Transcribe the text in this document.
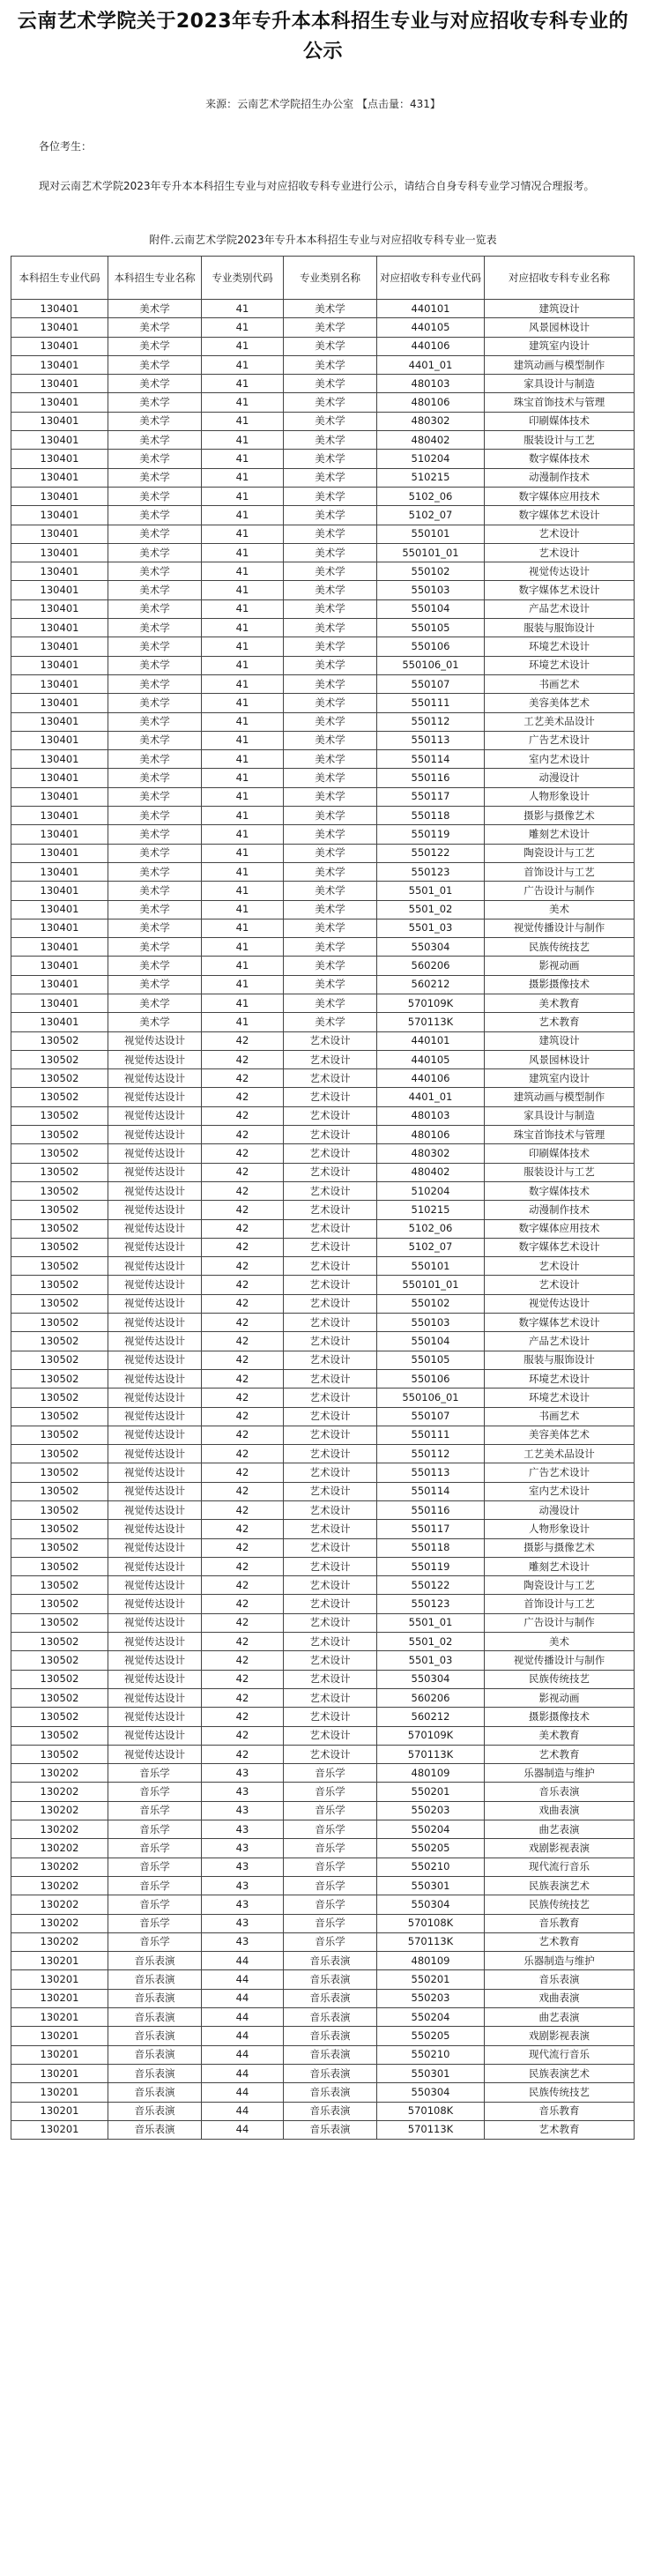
云南艺术学院关于2023年专升本本科招生专业与对应招收专科专业的公示
来源：云南艺术学院招生办公室 【点击量：431】
各位考生：

现对云南艺术学院2023年专升本本科招生专业与对应招收专科专业进行公示，请结合自身专科专业学习情况合理报考。

附件.云南艺术学院2023年专升本本科招生专业与对应招收专科专业一览表
本科招生专业代码	本科招生专业名称	专业类别代码	专业类别名称	对应招收专科专业代码	对应招收专科专业名称
130401	美术学	41	美术学	440101	建筑设计
130401	美术学	41	美术学	440105	风景园林设计
130401	美术学	41	美术学	440106	建筑室内设计
130401	美术学	41	美术学	4401_01	建筑动画与模型制作
130401	美术学	41	美术学	480103	家具设计与制造
130401	美术学	41	美术学	480106	珠宝首饰技术与管理
130401	美术学	41	美术学	480302	印刷媒体技术
130401	美术学	41	美术学	480402	服装设计与工艺
130401	美术学	41	美术学	510204	数字媒体技术
130401	美术学	41	美术学	510215	动漫制作技术
130401	美术学	41	美术学	5102_06	数字媒体应用技术
130401	美术学	41	美术学	5102_07	数字媒体艺术设计
130401	美术学	41	美术学	550101	艺术设计
130401	美术学	41	美术学	550101_01	艺术设计
130401	美术学	41	美术学	550102	视觉传达设计
130401	美术学	41	美术学	550103	数字媒体艺术设计
130401	美术学	41	美术学	550104	产品艺术设计
130401	美术学	41	美术学	550105	服装与服饰设计
130401	美术学	41	美术学	550106	环境艺术设计
130401	美术学	41	美术学	550106_01	环境艺术设计
130401	美术学	41	美术学	550107	书画艺术
130401	美术学	41	美术学	550111	美容美体艺术
130401	美术学	41	美术学	550112	工艺美术品设计
130401	美术学	41	美术学	550113	广告艺术设计
130401	美术学	41	美术学	550114	室内艺术设计
130401	美术学	41	美术学	550116	动漫设计
130401	美术学	41	美术学	550117	人物形象设计
130401	美术学	41	美术学	550118	摄影与摄像艺术
130401	美术学	41	美术学	550119	雕刻艺术设计
130401	美术学	41	美术学	550122	陶瓷设计与工艺
130401	美术学	41	美术学	550123	首饰设计与工艺
130401	美术学	41	美术学	5501_01	广告设计与制作
130401	美术学	41	美术学	5501_02	美术
130401	美术学	41	美术学	5501_03	视觉传播设计与制作
130401	美术学	41	美术学	550304	民族传统技艺
130401	美术学	41	美术学	560206	影视动画
130401	美术学	41	美术学	560212	摄影摄像技术
130401	美术学	41	美术学	570109K	美术教育
130401	美术学	41	美术学	570113K	艺术教育
130502	视觉传达设计	42	艺术设计	440101	建筑设计
130502	视觉传达设计	42	艺术设计	440105	风景园林设计
130502	视觉传达设计	42	艺术设计	440106	建筑室内设计
130502	视觉传达设计	42	艺术设计	4401_01	建筑动画与模型制作
130502	视觉传达设计	42	艺术设计	480103	家具设计与制造
130502	视觉传达设计	42	艺术设计	480106	珠宝首饰技术与管理
130502	视觉传达设计	42	艺术设计	480302	印刷媒体技术
130502	视觉传达设计	42	艺术设计	480402	服装设计与工艺
130502	视觉传达设计	42	艺术设计	510204	数字媒体技术
130502	视觉传达设计	42	艺术设计	510215	动漫制作技术
130502	视觉传达设计	42	艺术设计	5102_06	数字媒体应用技术
130502	视觉传达设计	42	艺术设计	5102_07	数字媒体艺术设计
130502	视觉传达设计	42	艺术设计	550101	艺术设计
130502	视觉传达设计	42	艺术设计	550101_01	艺术设计
130502	视觉传达设计	42	艺术设计	550102	视觉传达设计
130502	视觉传达设计	42	艺术设计	550103	数字媒体艺术设计
130502	视觉传达设计	42	艺术设计	550104	产品艺术设计
130502	视觉传达设计	42	艺术设计	550105	服装与服饰设计
130502	视觉传达设计	42	艺术设计	550106	环境艺术设计
130502	视觉传达设计	42	艺术设计	550106_01	环境艺术设计
130502	视觉传达设计	42	艺术设计	550107	书画艺术
130502	视觉传达设计	42	艺术设计	550111	美容美体艺术
130502	视觉传达设计	42	艺术设计	550112	工艺美术品设计
130502	视觉传达设计	42	艺术设计	550113	广告艺术设计
130502	视觉传达设计	42	艺术设计	550114	室内艺术设计
130502	视觉传达设计	42	艺术设计	550116	动漫设计
130502	视觉传达设计	42	艺术设计	550117	人物形象设计
130502	视觉传达设计	42	艺术设计	550118	摄影与摄像艺术
130502	视觉传达设计	42	艺术设计	550119	雕刻艺术设计
130502	视觉传达设计	42	艺术设计	550122	陶瓷设计与工艺
130502	视觉传达设计	42	艺术设计	550123	首饰设计与工艺
130502	视觉传达设计	42	艺术设计	5501_01	广告设计与制作
130502	视觉传达设计	42	艺术设计	5501_02	美术
130502	视觉传达设计	42	艺术设计	5501_03	视觉传播设计与制作
130502	视觉传达设计	42	艺术设计	550304	民族传统技艺
130502	视觉传达设计	42	艺术设计	560206	影视动画
130502	视觉传达设计	42	艺术设计	560212	摄影摄像技术
130502	视觉传达设计	42	艺术设计	570109K	美术教育
130502	视觉传达设计	42	艺术设计	570113K	艺术教育
130202	音乐学	43	音乐学	480109	乐器制造与维护
130202	音乐学	43	音乐学	550201	音乐表演
130202	音乐学	43	音乐学	550203	戏曲表演
130202	音乐学	43	音乐学	550204	曲艺表演
130202	音乐学	43	音乐学	550205	戏剧影视表演
130202	音乐学	43	音乐学	550210	现代流行音乐
130202	音乐学	43	音乐学	550301	民族表演艺术
130202	音乐学	43	音乐学	550304	民族传统技艺
130202	音乐学	43	音乐学	570108K	音乐教育
130202	音乐学	43	音乐学	570113K	艺术教育
130201	音乐表演	44	音乐表演	480109	乐器制造与维护
130201	音乐表演	44	音乐表演	550201	音乐表演
130201	音乐表演	44	音乐表演	550203	戏曲表演
130201	音乐表演	44	音乐表演	550204	曲艺表演
130201	音乐表演	44	音乐表演	550205	戏剧影视表演
130201	音乐表演	44	音乐表演	550210	现代流行音乐
130201	音乐表演	44	音乐表演	550301	民族表演艺术
130201	音乐表演	44	音乐表演	550304	民族传统技艺
130201	音乐表演	44	音乐表演	570108K	音乐教育
130201	音乐表演	44	音乐表演	570113K	艺术教育
